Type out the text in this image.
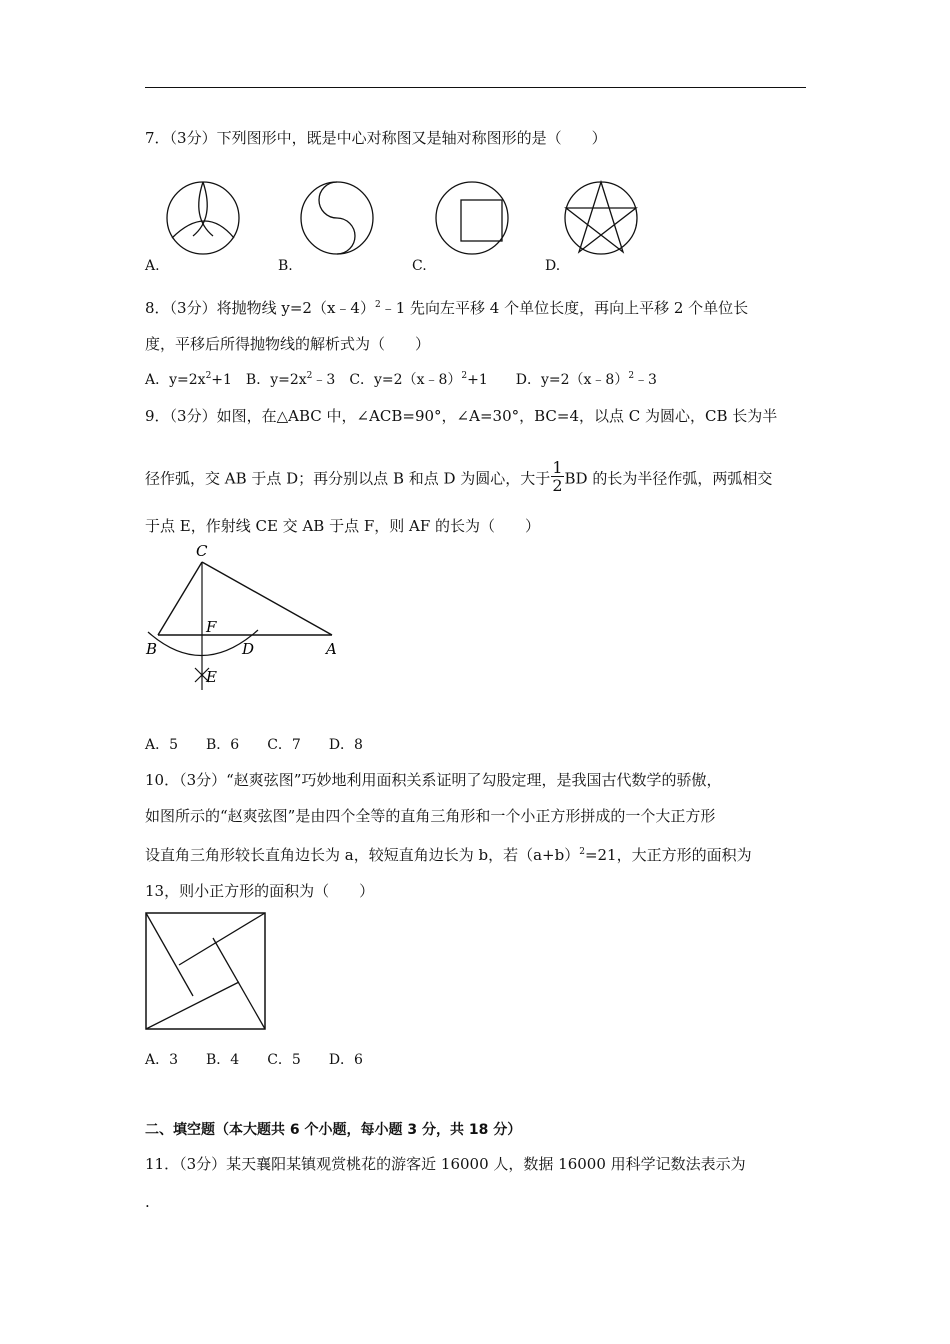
7．（3分）下列图形中，既是中心对称图又是轴对称图形的是（　　）
A.	B.	C.	D.
8．（3分）将抛物线 y=2（x﹣4）$^2$﹣1 先向左平移 4 个单位长度，再向上平移 2 个单位长
度，平移后所得抛物线的解析式为（　　）
A．$y=2x^2+1$　B．$y=2x^2﹣3$　C．y=2（x﹣8）$^2$+1　　D．y=2（x﹣8）$^2$﹣3
9．（3分）如图，在△ABC 中，∠ACB=90°，∠A=30°，BC=4，以点 C 为圆心，CB 长为半
径作弧，交 AB 于点 D；再分别以点 B 和点 D 为圆心，大于 $\frac{1}{2}$ BD 的长为半径作弧，两弧相交
于点 E，作射线 CE 交 AB 于点 F，则 AF 的长为（　　）
C
F
B	D	A
E
A．5　　B．6　　C．7　　D．8
10．（3分）“赵爽弦图”巧妙地利用面积关系证明了勾股定理，是我国古代数学的骄傲，
如图所示的“赵爽弦图”是由四个全等的直角三角形和一个小正方形拼成的一个大正方形
设直角三角形较长直角边长为 a，较短直角边长为 b，若$(a+b)^2=21$，大正方形的面积为
13，则小正方形的面积为（　　）
A．3　　B．4　　C．5　　D．6
二、填空题（本大题共 6 个小题，每小题 3 分，共 18 分）
11．（3分）某天襄阳某镇观赏桃花的游客近 16000 人，数据 16000 用科学记数法表示为
.
